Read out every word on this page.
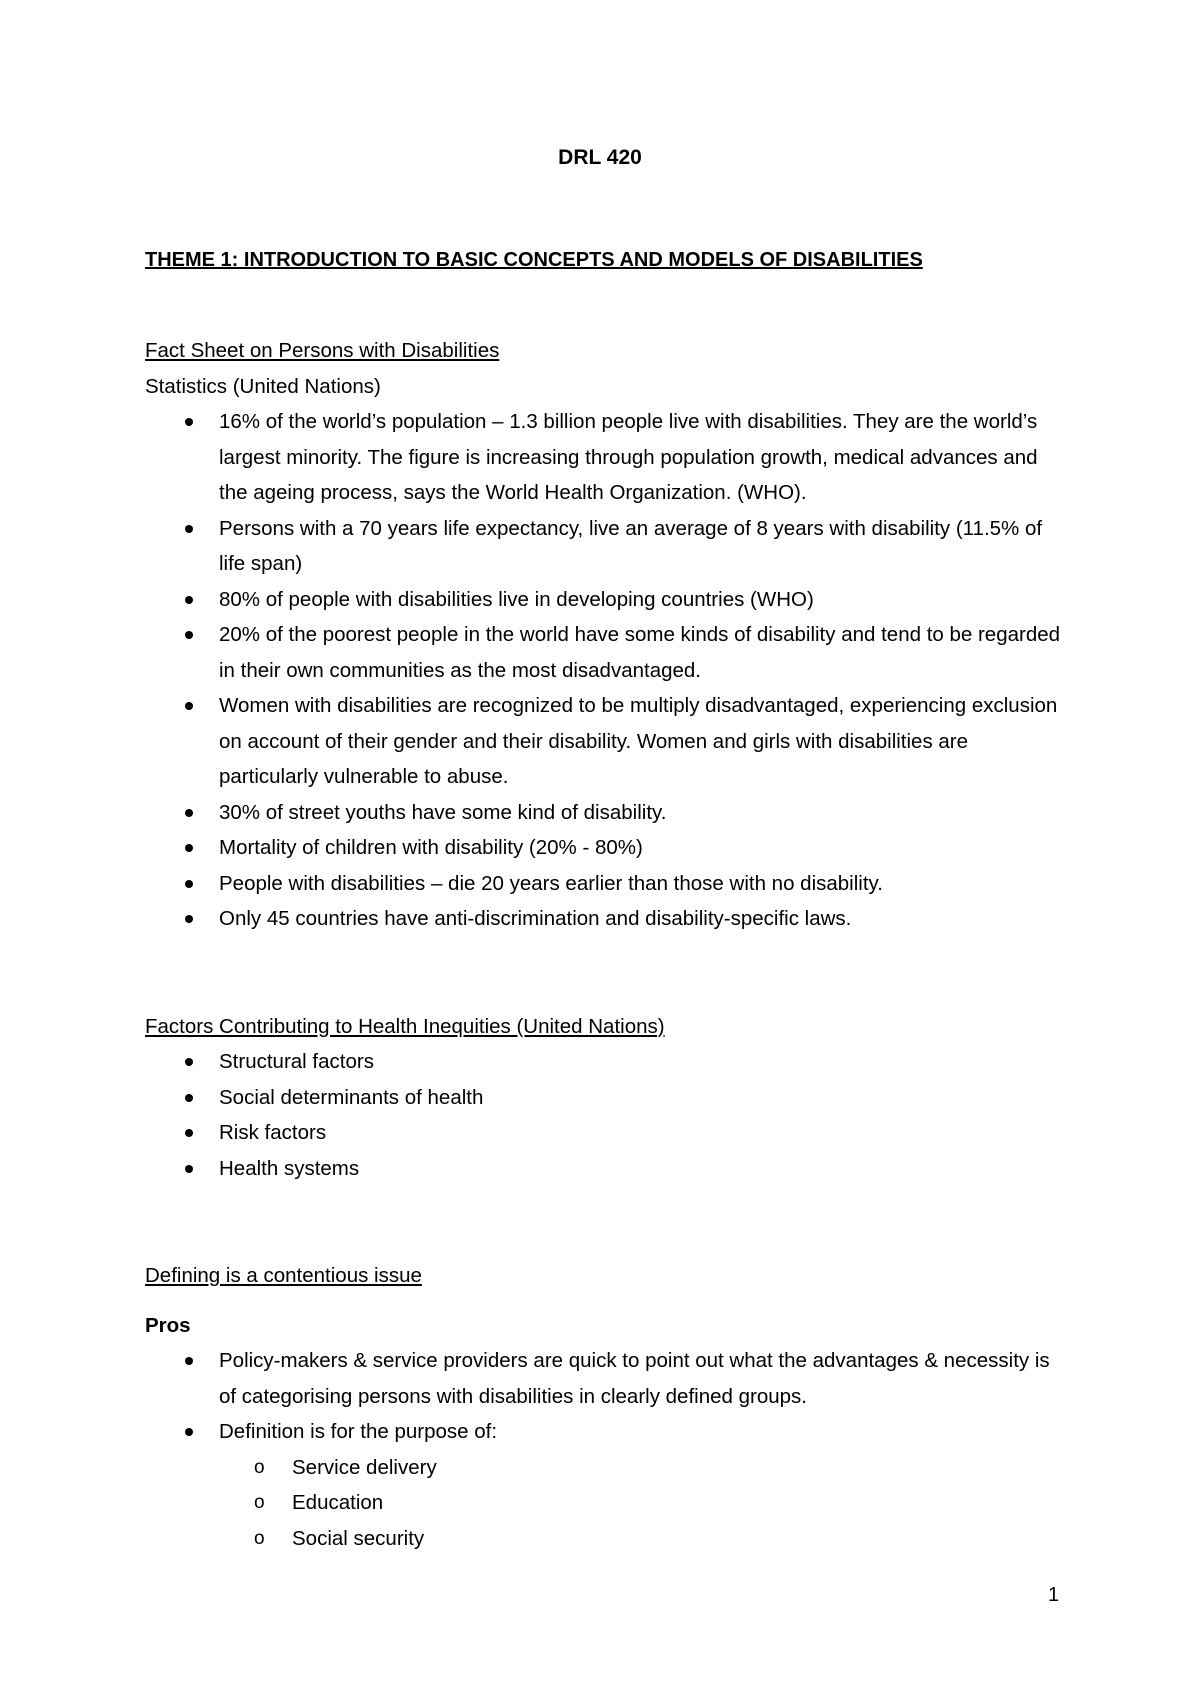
DRL 420

THEME 1: INTRODUCTION TO BASIC CONCEPTS AND MODELS OF DISABILITIES

Fact Sheet on Persons with Disabilities

Statistics (United Nations)

16% of the world’s population – 1.3 billion people live with disabilities. They are the world’s largest minority. The figure is increasing through population growth, medical advances and the ageing process, says the World Health Organization. (WHO).
Persons with a 70 years life expectancy, live an average of 8 years with disability (11.5% of life span)
80% of people with disabilities live in developing countries (WHO)
20% of the poorest people in the world have some kinds of disability and tend to be regarded in their own communities as the most disadvantaged.
Women with disabilities are recognized to be multiply disadvantaged, experiencing exclusion on account of their gender and their disability. Women and girls with disabilities are particularly vulnerable to abuse.
30% of street youths have some kind of disability.
Mortality of children with disability (20% - 80%)
People with disabilities – die 20 years earlier than those with no disability.
Only 45 countries have anti-discrimination and disability-specific laws.

Factors Contributing to Health Inequities (United Nations)

Structural factors
Social determinants of health
Risk factors
Health systems

Defining is a contentious issue

Pros

Policy-makers & service providers are quick to point out what the advantages & necessity is of categorising persons with disabilities in clearly defined groups.
Definition is for the purpose of:
o Service delivery
o Education
o Social security

1
